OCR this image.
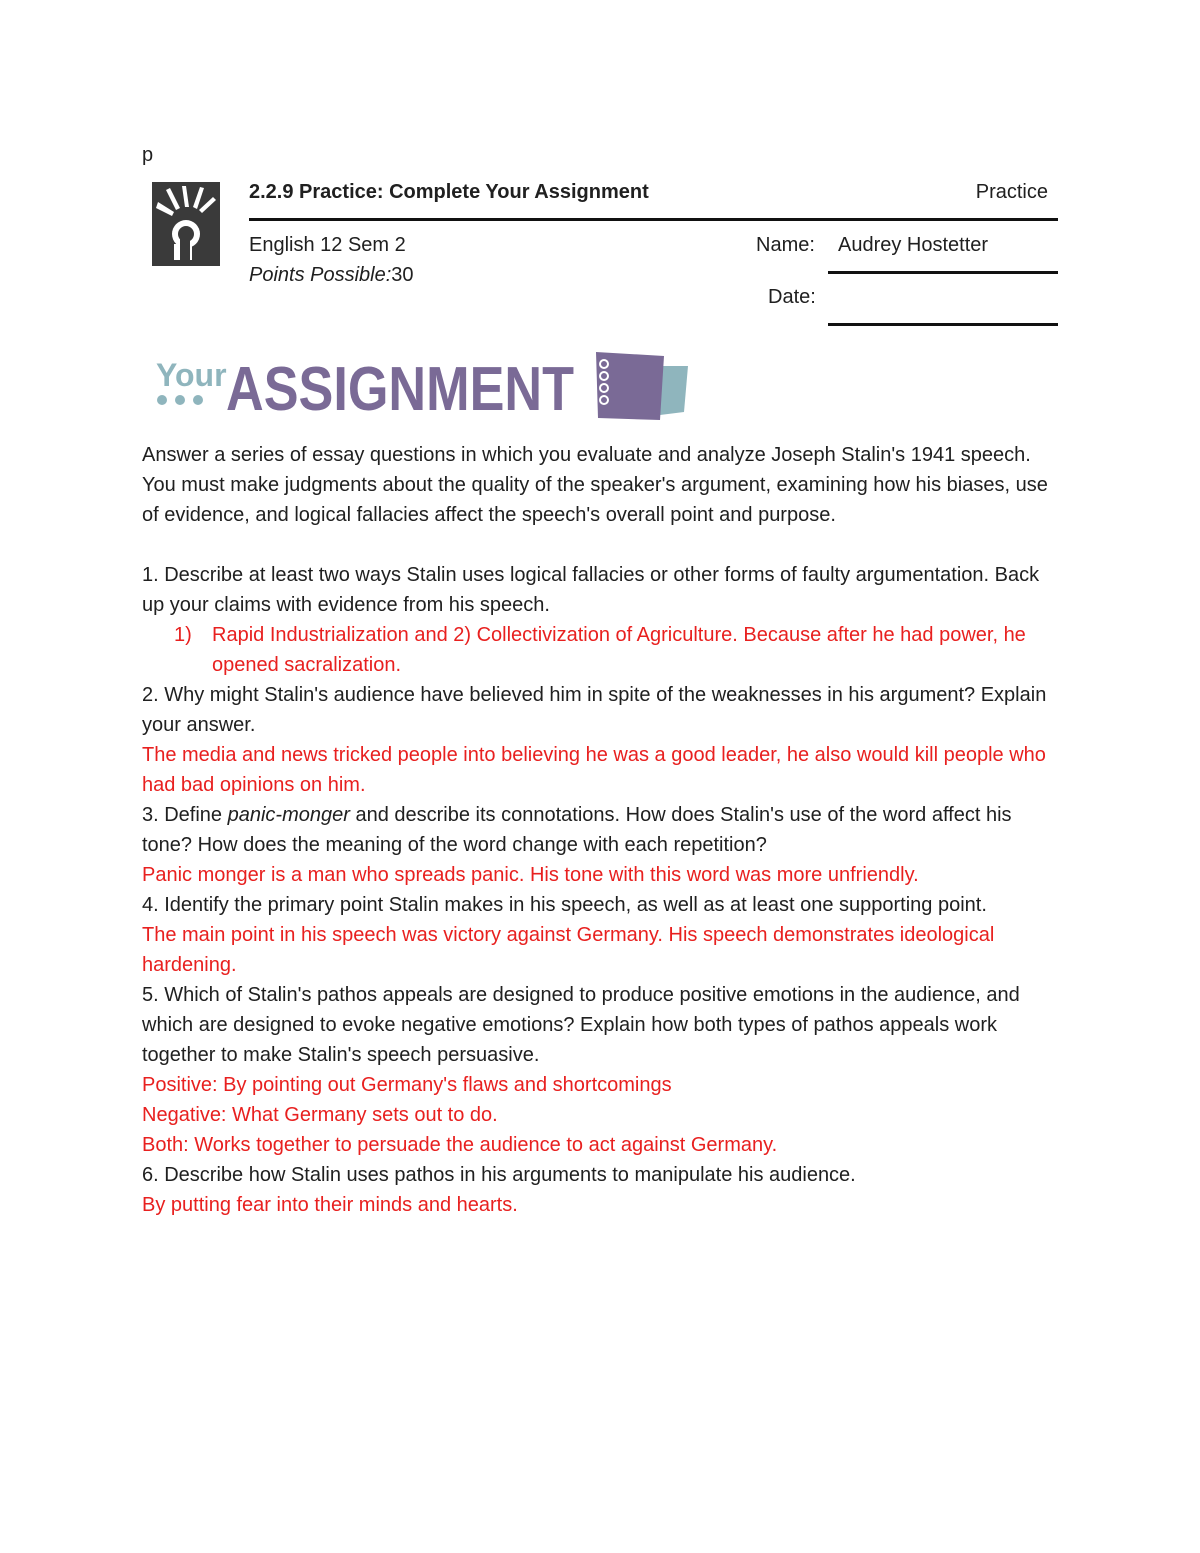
p
2.2.9 Practice: Complete Your Assignment	Practice
English 12 Sem 2
Points Possible:30
Name: Audrey Hostetter
Date:
Your ASSIGNMENT

Answer a series of essay questions in which you evaluate and analyze Joseph Stalin's 1941 speech. You must make judgments about the quality of the speaker's argument, examining how his biases, use of evidence, and logical fallacies affect the speech's overall point and purpose.

1. Describe at least two ways Stalin uses logical fallacies or other forms of faulty argumentation. Back up your claims with evidence from his speech.

1) Rapid Industrialization and 2) Collectivization of Agriculture. Because after he had power, he opened sacralization.

2. Why might Stalin's audience have believed him in spite of the weaknesses in his argument? Explain your answer.

The media and news tricked people into believing he was a good leader, he also would kill people who had bad opinions on him.

3. Define panic-monger and describe its connotations. How does Stalin's use of the word affect his tone? How does the meaning of the word change with each repetition?

Panic monger is a man who spreads panic. His tone with this word was more unfriendly.

4. Identify the primary point Stalin makes in his speech, as well as at least one supporting point.

The main point in his speech was victory against Germany. His speech demonstrates ideological hardening.

5. Which of Stalin's pathos appeals are designed to produce positive emotions in the audience, and which are designed to evoke negative emotions? Explain how both types of pathos appeals work together to make Stalin's speech persuasive.

Positive: By pointing out Germany's flaws and shortcomings

Negative: What Germany sets out to do.

Both: Works together to persuade the audience to act against Germany.

6. Describe how Stalin uses pathos in his arguments to manipulate his audience.

By putting fear into their minds and hearts.
